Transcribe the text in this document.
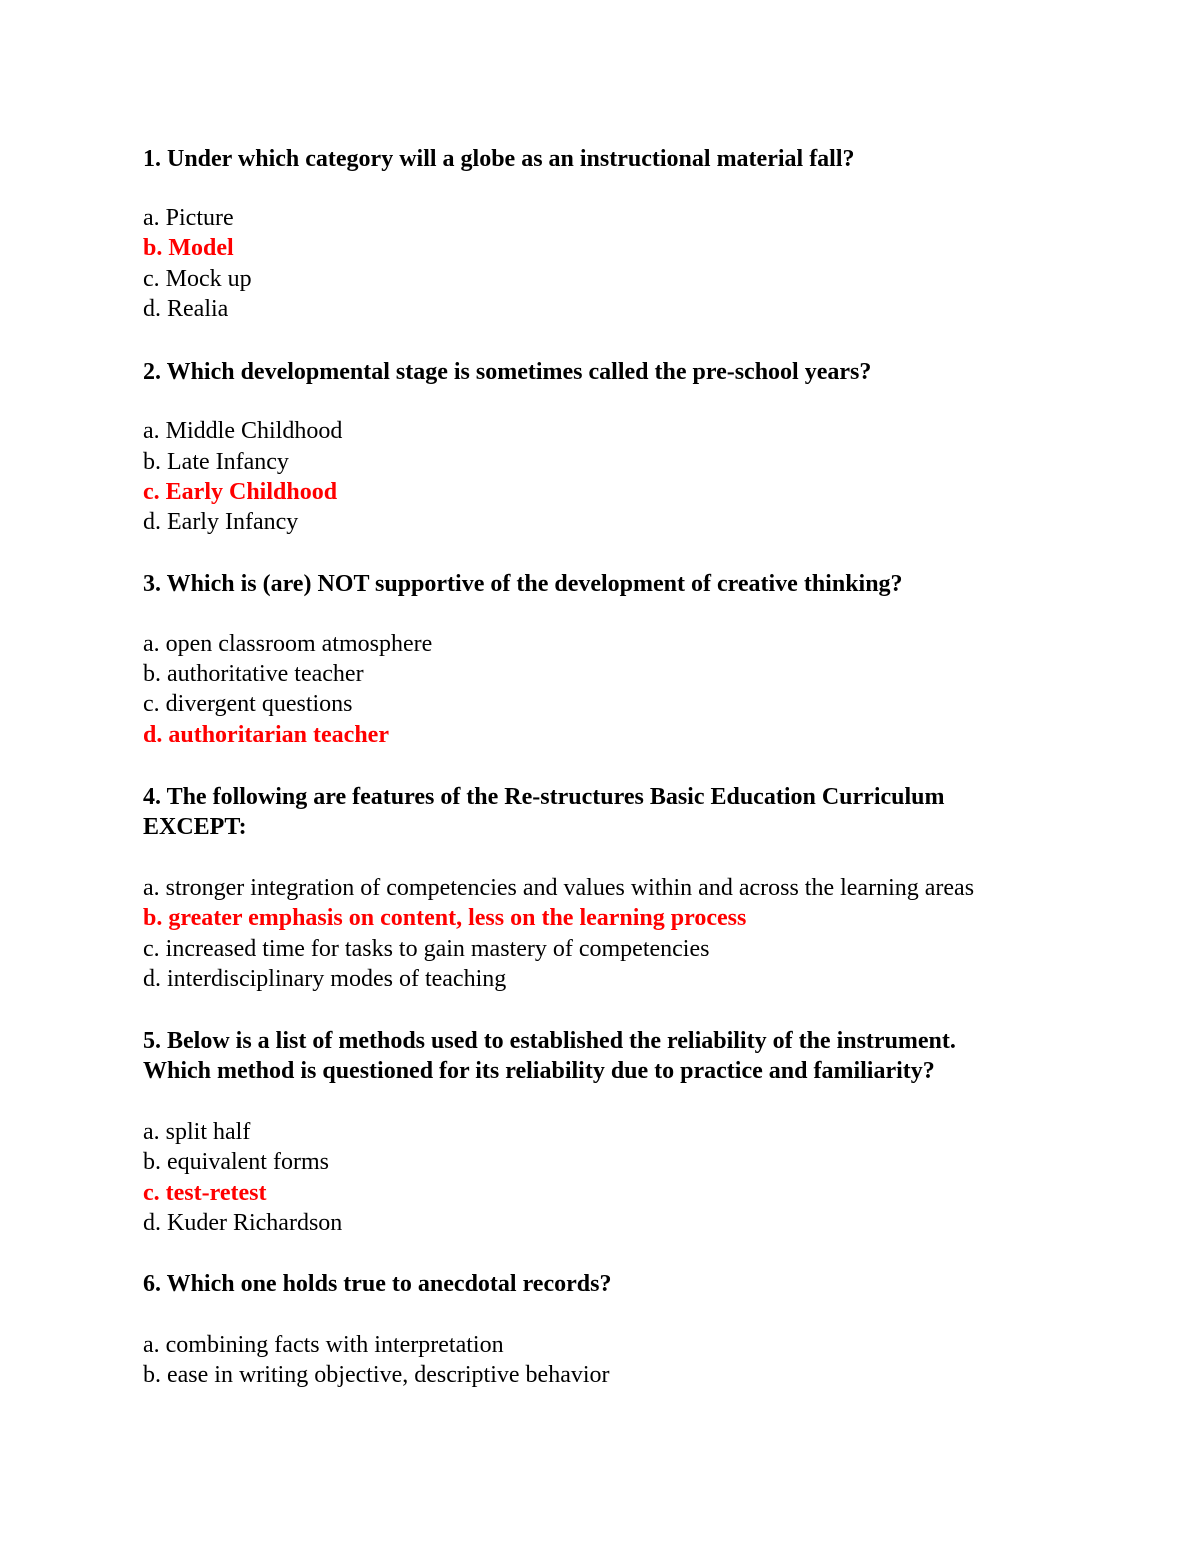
1. Under which category will a globe as an instructional material fall?
a. Picture
b. Model
c. Mock up
d. Realia
2. Which developmental stage is sometimes called the pre-school years?
a. Middle Childhood
b. Late Infancy
c. Early Childhood
d. Early Infancy
3. Which is (are) NOT supportive of the development of creative thinking?
a. open classroom atmosphere
b. authoritative teacher
c. divergent questions
d. authoritarian teacher
4. The following are features of the Re-structures Basic Education Curriculum
EXCEPT:
a. stronger integration of competencies and values within and across the learning areas
b. greater emphasis on content, less on the learning process
c. increased time for tasks to gain mastery of competencies
d. interdisciplinary modes of teaching
5. Below is a list of methods used to established the reliability of the instrument.
Which method is questioned for its reliability due to practice and familiarity?
a. split half
b. equivalent forms
c. test-retest
d. Kuder Richardson
6. Which one holds true to anecdotal records?
a. combining facts with interpretation
b. ease in writing objective, descriptive behavior
